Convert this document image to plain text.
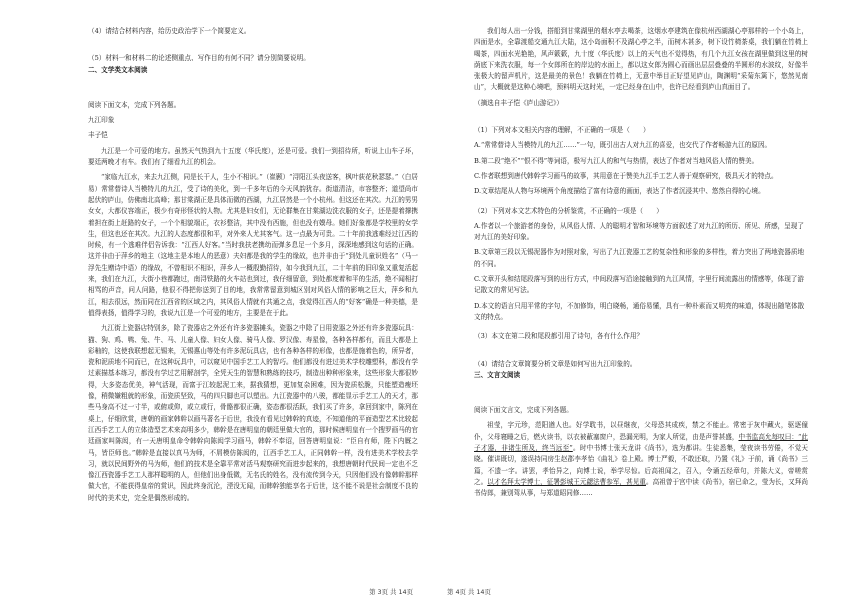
（4）请结合材料内容，给历史政治学下一个简要定义。

（5）材料一和材料二的论述侧重点、写作目的有何不同？请分别简要说明。

二、文学类文本阅读

阅读下面文本，完成下列各题。

九江印象

丰子恺

九江是一个可爱的地方。虽然天气热到九十五度（华氏度），还是可爱。我们一到招待所，听说上山车子坏，要廷两晚才有车。我们有了细看九江的机会。

“家临九江水，来去九江侧，同是长干人，生小不相识。”（崔颢）“浔阳江头夜送客，枫叶荻花秋瑟瑟。”（白居易）常常替诗人当模特儿的九江，受了诗的美化，到一千多年后的今天风韵犹存。街道清洁，市容整齐；道望尚市起伏的庐山，仿佛南北高峰；那甘棠湖正是具体而微的西湖，九江居然是一个小杭州。但这还在其次。九江的男男女女，大都仪容端正，极少有奇形怪状的人物。尤其是妇女们，无论群集在甘棠湖边洗衣服的女子，还是提着撑携着担在街上赶路的女子，一个个相貌端正，衣衫整洁，其中没有西施，但也没有嫫母。她们好象都是学校里的女学生，但这也还在其次。九江的人态度都很和平，对外来人尤其客气。这一点最为可贵。二十年前我逃难经过江西的时候，有一个逃难伴侣告诉我：“江西人好客。”当时我扶老携幼而弹多息足一个多月，深深地感到这句话的正确。这并非由于萍乡的地主（这地主是本地人的恶意）夫妇都是我的学生的缘故，也并非由于“到处儿童识姓名”（马一浮先生赠诗中语）的缘故，不曾相识不相识，萍乡人一概殷勤招待，如今我到九江，二十年前的旧印象又重复活起来，我们在九江，大街小巷都跑过，南浔铁路的火车站也到过，我仔细留意，到处都度着和平的生活，绝不闻相打相骂的声音，问人问路，他很不得把你送到了目的地，我常常留意到城区别对风俗人情的影响之巨大，萍乡和九江，相去很远，然而同在江西省的区域之内，其风俗人情就有共通之点，我觉得江西人的“好客”确是一种美德，是值得表扬，值得学习的，我说九江是一个可爱的地方，主要是在于此。

九江街上瓷器店特别多，除了瓷器店之外还有许多瓷器摊头，瓷器之中除了日用瓷器之外还有许多瓷器玩具：猫、狗、鸡、鸭、兔、牛、马、儿童人像、妇女人像、骑马人像、罗汉像、寿星像，各种各样都有，而且大都是上彩釉的，这使我联想起无锡来，无锡惠山等处有许多泥玩具店，也有各种各样的形像，也都是施着色的，所异者，瓷和泥质地不同而已，在这种玩具中，可以窥见中国手艺工人的智巧。他们都没有进过美术学校雕塑科，都没有学过素描基本练习，都没有学过艺用解剖学，全凭天生的智慧和熟练的技巧，制造出种种形象来，这些形象大都很妙得，大多姿态优美，神气活现，而富于江较起泥工来，据我猜想，更加复杂困难，因为瓷质松脆，只能塑造瘦坯像，稍微嫌粗就的形象，而瓷质坚致，马的四只脚也可以塑出。九江瓷器中的八骏，都能显示手艺工人的天才，那些马身高不过一寸半，或俯或仰，或立或行，骨骼都很正确，姿态都很活跃，我们买了许多，拿回到家中，陈列在桌上，仔细欣赏，唐朝的画家韩幹以画马著名于后世，我没有看见过韩幹的真迹，不知道他的平面造型艺术比较起江西手艺工人的立体造型艺术来高明多少，韩幹是在唐明皇的朝廷里做大官的，那时候唐明皇有一个搜罗画马的官廷画家叫陈闳，有一天唐明皇命令韩幹向陈闳学习画马，韩幹不奉诏，回答唐明皇说：“臣自有师，陛下内厩之马，皆臣师也。”韩幹是直接以真马为师，不屑模仿陈闳的，江西手艺工人，正同韩幹一样，没有进美术学校去学习，就以民间野外的马为师，他们的技术是全靠平常对活马观察研究而进步起来的，我想唐朝时代民间一定也不乏像江西瓷器手艺工人那样聪明的人，但他们出身低微，无名氏的姓名，没有流传到今天，只因他们没有像韩幹那样做大官，不能获得皇帝的赏识，因此终身沉沦，湮没无闻，而韩幹独能享名于后世，这不能不说是社会制度不良的时代的美术史，完全是偶然形成的。

我们每人出一分钱，搭船到甘棠湖里的烟水亭去喝茶，这烟水亭建筑在像杭州西湖湖心亭那样的一个小岛上，四面是水，全靠渡船交通九江大陆，这小岛面积不及湖心亭之半，而树木甚多，树下设竹椅茶桌，我们躺在竹椅上喝茶，四面水光艳艳，风声簌簌，九十度（华氏度）以上的天气也不觉得热，有几个九江女孩在湖里做到这里的树荫底下来洗衣服，每一个女郎所在的岸边的水面上，都以这女郎为圆心而画出层层叠叠的半圆形的水波纹，好像半张极大的留声机片，这是最美的景色！我躺在竹椅上，无意中举目正好望见庐山，陶渊明“采菊东篱下，悠然见南山”，大概就是这种心境吧，预料明天这时光，一定已经身在山中，也许已经看到庐山真面目了。

（摘选自丰子恺《庐山游记》）

（1）下列对本文相关内容的理解，不正确的一项是（　　）

A.“常常替诗人当模特儿的九江……”一句，既引出古人对九江的喜爱，也交代了作者畅游九江的原因。

B.第二段“绝不”“恨不得”等词语，极写九江人的和气与热情，表达了作者对当地风俗人情的赞美。

C.作者联想到唐代韩幹学习画马的故事，其用意在于赞美九江手工艺人善于观察研究，极具天才的特点。

D.文章结尾从人物与环境两个角度描绘了富有诗意的画面，表达了作者沉浸其中、悠然自得的心境。

（2）下列对本文艺术特色的分析鉴赏，不正确的一项是（　　）

A.作者以一个旅游者的身份，从风俗人情、人的聪明才智和环境等方面叙述了对九江的所历、所见、所感，呈现了对九江的美好印象。

B.文章第三段以无锡泥器作为对照对象，写出了九江瓷器工艺的复杂性和形象的多样性，着力突出了两地瓷器质地的不同。

C.文章开头和结尾段落写到的出行方式，中间段落写沿途接触到的九江风情，字里行间流露出的情感等，体现了游记散文的常见写法。

D.本文的语言只用平常的字句，不加修饰，明白晓畅，通俗易懂，具有一种朴素而又明亮的味道，体现出随笔体散文的特点。

（3）本文在第二段和尾段都引用了诗句，各有什么作用？

（4）请结合文章简要分析文章是如何写出九江印象的。

三、文言文阅读

阅读下面文言文，完成下列各题。

祖莹，字元珍，范阳遒人也。好学耽书，以昼继夜，父母恐其成疾，禁之不能止。常密于灰中藏火，驱逐僮仆，父母寝睡之后，燃火读书，以衣被蔽塞窗户，恐漏光明，为家人所觉，由是声誉甚盛，中书监高允每叹曰：“此子才器，非诸生所及，终当远至”。时中书博士张天龙讲《尚书》，选为都讲。生徒悉集，莹夜读书劳倦，不觉天晓。催讲既切，遂误持同房生赵郡李孝怡《曲礼》卷上殿。博士严毅，不敢还取，乃置《礼》于前，诵《尚书》三篇，不遗一字。讲罢，孝怡异之，向博士说，举学尽惊。后高祖闻之，召入，令诵五经章句，并陈大义，帝嗟赏之。以才名拜太学博士，征署彭城王元勰法曹参军，甚见重。高祖曾于宫中读《尚书》，宿已命之，莹为长，又拜尚书侍郎，兼别驾从事，与郑道昭同修……

第 3页 共 14页	第 4页 共 14页
